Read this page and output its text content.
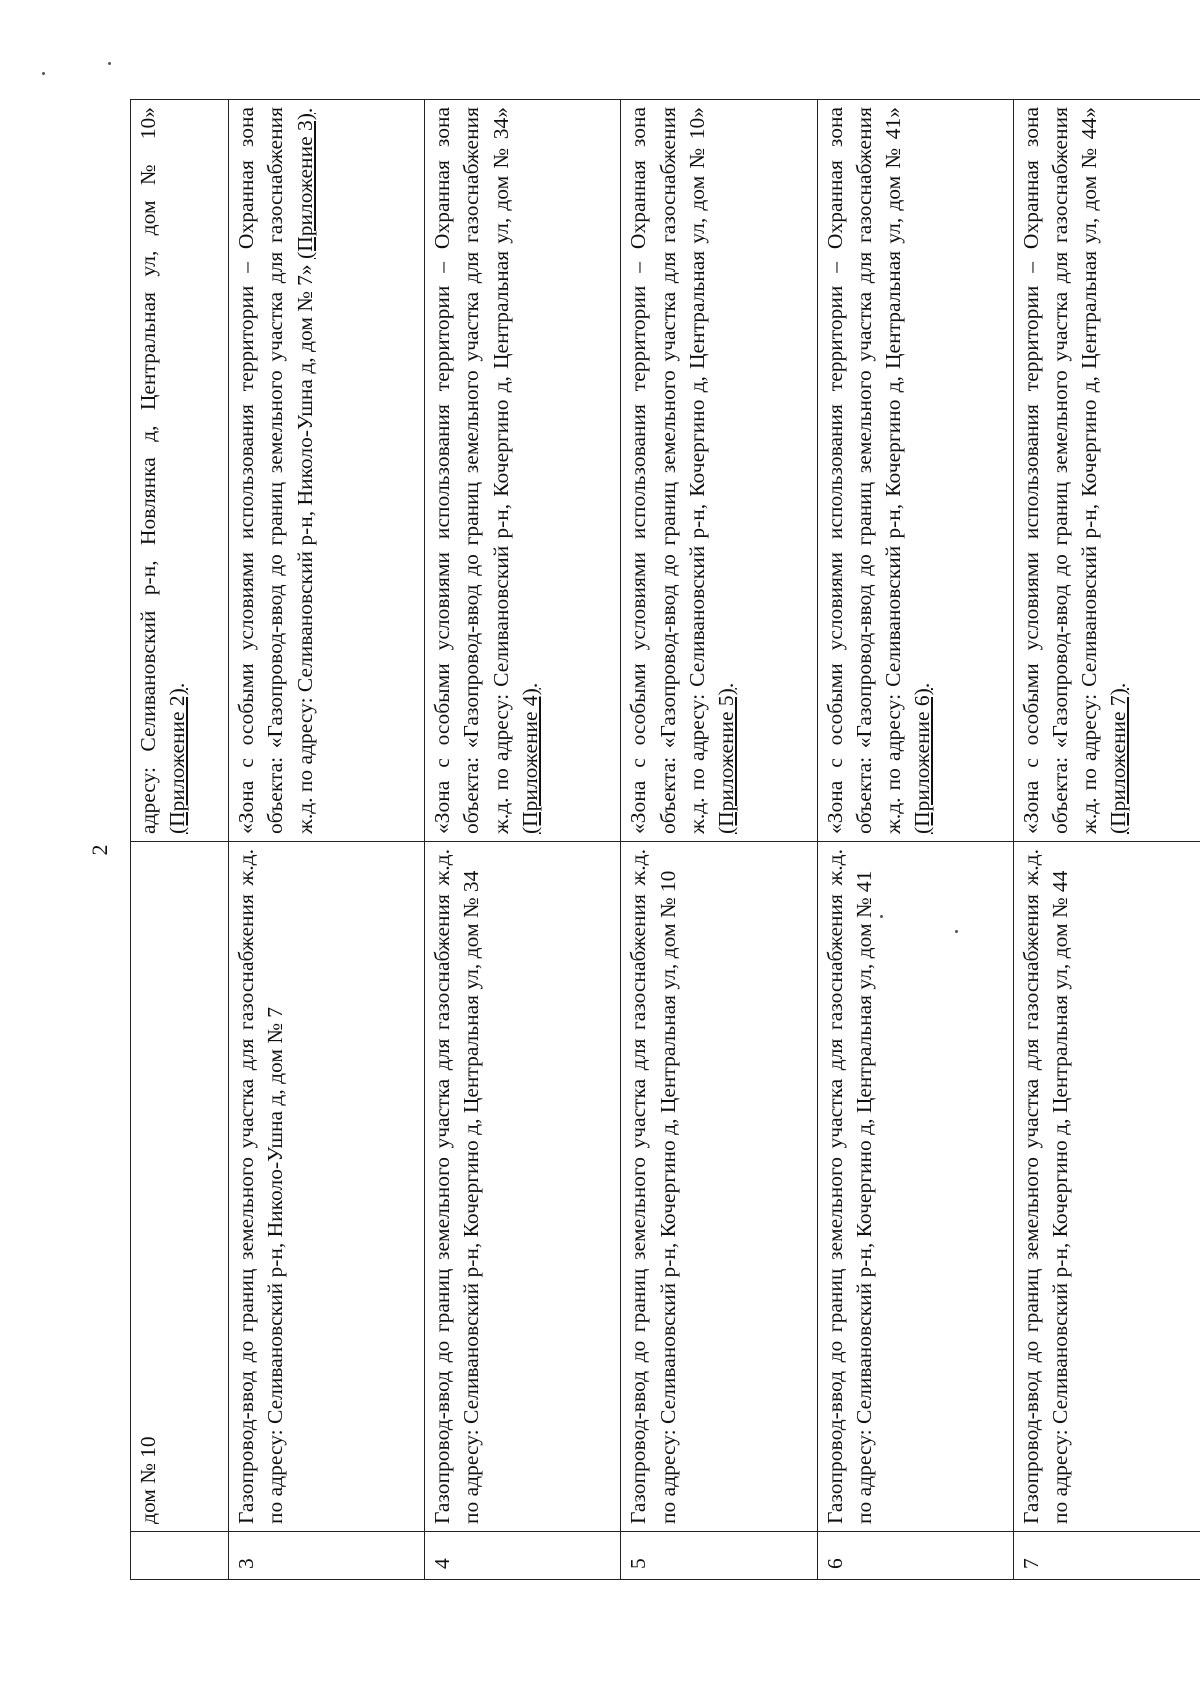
2
	дом № 10	адресу: Селивановский р-н, Новлянка д, Центральная ул, дом № 10» (Приложение 2).
3	Газопровод-ввод до границ земельного участка для газоснабжения ж.д. по адресу: Селивановский р-н, Николо-Ушна д, дом № 7	«Зона с особыми условиями использования территории – Охранная зона объекта: «Газопровод-ввод до границ земельного участка для газоснабжения ж.д. по адресу: Селивановский р-н, Николо-Ушна д, дом № 7» (Приложение 3).
4	Газопровод-ввод до границ земельного участка для газоснабжения ж.д. по адресу: Селивановский р-н, Кочергино д, Центральная ул, дом № 34	«Зона с особыми условиями использования территории – Охранная зона объекта: «Газопровод-ввод до границ земельного участка для газоснабжения ж.д. по адресу: Селивановский р-н, Кочергино д, Центральная ул, дом № 34» (Приложение 4).
5	Газопровод-ввод до границ земельного участка для газоснабжения ж.д. по адресу: Селивановский р-н, Кочергино д, Центральная ул, дом № 10	«Зона с особыми условиями использования территории – Охранная зона объекта: «Газопровод-ввод до границ земельного участка для газоснабжения ж.д. по адресу: Селивановский р-н, Кочергино д, Центральная ул, дом № 10» (Приложение 5).
6	Газопровод-ввод до границ земельного участка для газоснабжения ж.д. по адресу: Селивановский р-н, Кочергино д, Центральная ул, дом № 41	«Зона с особыми условиями использования территории – Охранная зона объекта: «Газопровод-ввод до границ земельного участка для газоснабжения ж.д. по адресу: Селивановский р-н, Кочергино д, Центральная ул, дом № 41» (Приложение 6).
7	Газопровод-ввод до границ земельного участка для газоснабжения ж.д. по адресу: Селивановский р-н, Кочергино д, Центральная ул, дом № 44	«Зона с особыми условиями использования территории – Охранная зона объекта: «Газопровод-ввод до границ земельного участка для газоснабжения ж.д. по адресу: Селивановский р-н, Кочергино д, Центральная ул, дом № 44» (Приложение 7).
